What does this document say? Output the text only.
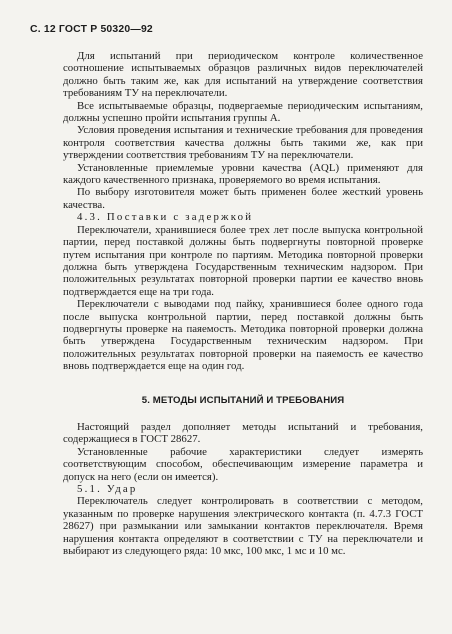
С. 12 ГОСТ Р 50320—92

Для испытаний при периодическом контроле количественное соотношение испытываемых образцов различных видов переключателей должно быть таким же, как для испытаний на утверждение соответствия требованиям ТУ на переключатели.

Все испытываемые образцы, подвергаемые периодическим испытаниям, должны успешно пройти испытания группы А.

Условия проведения испытания и технические требования для проведения контроля соответствия качества должны быть такими же, как при утверждении соответствия требованиям ТУ на переключатели.

Установленные приемлемые уровни качества (AQL) применяют для каждого качественного признака, проверяемого во время испытания.

По выбору изготовителя может быть применен более жесткий уровень качества.

4.3. Поставки с задержкой

Переключатели, хранившиеся более трех лет после выпуска контрольной партии, перед поставкой должны быть подвергнуты повторной проверке путем испытания при контроле по партиям. Методика повторной проверки должна быть утверждена Государственным техническим надзором. При положительных результатах повторной проверки партии ее качество вновь подтверждается еще на три года.

Переключатели с выводами под пайку, хранившиеся более одного года после выпуска контрольной партии, перед поставкой должны быть подвергнуты проверке на паяемость. Методика повторной проверки должна быть утверждена Государственным техническим надзором. При положительных результатах повторной проверки на паяемость ее качество вновь подтверждается еще на один год.

5. МЕТОДЫ ИСПЫТАНИЙ И ТРЕБОВАНИЯ

Настоящий раздел дополняет методы испытаний и требования, содержащиеся в ГОСТ 28627.

Установленные рабочие характеристики следует измерять соответствующим способом, обеспечивающим измерение параметра и допуск на него (если он имеется).

5.1. Удар

Переключатель следует контролировать в соответствии с методом, указанным по проверке нарушения электрического контакта (п. 4.7.3 ГОСТ 28627) при размыкании или замыкании контактов переключателя. Время нарушения контакта определяют в соответствии с ТУ на переключатели и выбирают из следующего ряда: 10 мкс, 100 мкс, 1 мс и 10 мс.
